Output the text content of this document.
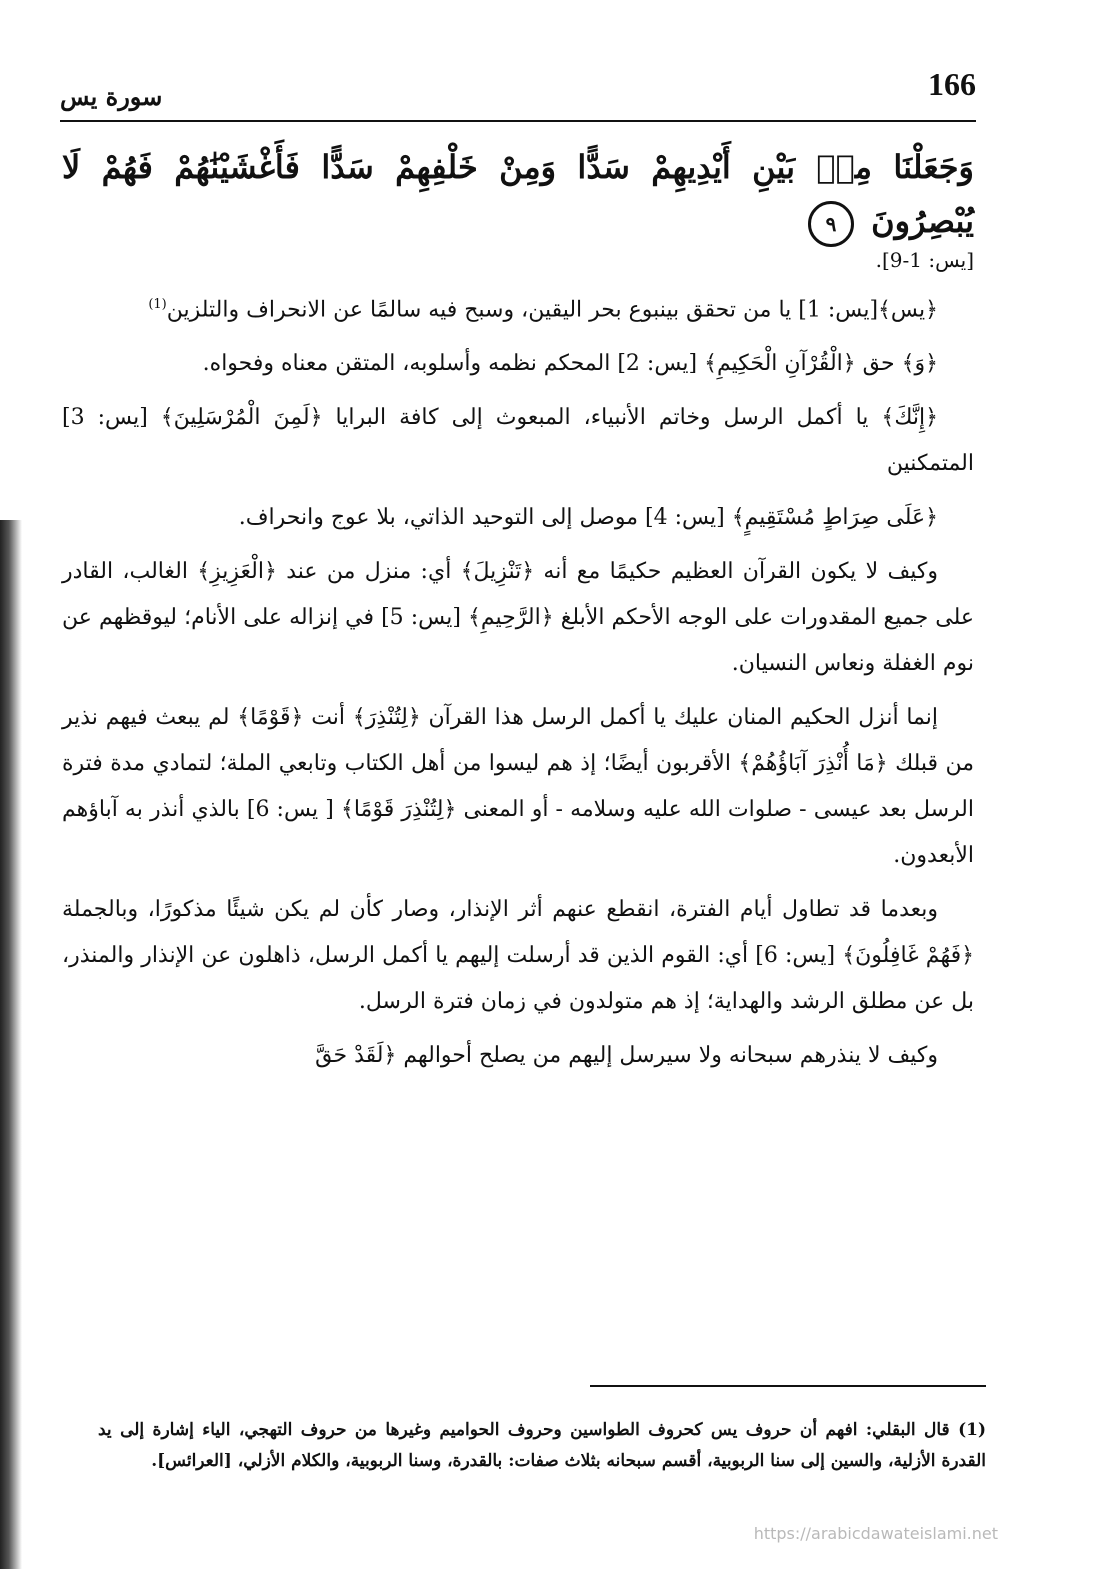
166
سورة يس

وَجَعَلْنَا مِنۢ بَيْنِ أَيْدِيهِمْ سَدًّا وَمِنْ خَلْفِهِمْ سَدًّا فَأَغْشَيْنَٰهُمْ فَهُمْ لَا يُبْصِرُونَ ٩

[يس: 1-9].

﴿يس﴾[يس: 1] يا من تحقق بينبوع بحر اليقين، وسبح فيه سالمًا عن الانحراف والتلزين$^{(1)}$

﴿وَ﴾ حق ﴿الْقُرْآنِ الْحَكِيمِ﴾ [يس: 2] المحكم نظمه وأسلوبه، المتقن معناه وفحواه.

﴿إِنَّكَ﴾ يا أكمل الرسل وخاتم الأنبياء، المبعوث إلى كافة البرايا ﴿لَمِنَ الْمُرْسَلِينَ﴾ [يس: 3] المتمكنين

﴿عَلَى صِرَاطٍ مُسْتَقِيمٍ﴾ [يس: 4] موصل إلى التوحيد الذاتي، بلا عوج وانحراف.

وكيف لا يكون القرآن العظيم حكيمًا مع أنه ﴿تَنْزِيلَ﴾ أي: منزل من عند ﴿الْعَزِيزِ﴾ الغالب، القادر على جميع المقدورات على الوجه الأحكم الأبلغ ﴿الرَّحِيمِ﴾ [يس: 5] في إنزاله على الأنام؛ ليوقظهم عن نوم الغفلة ونعاس النسيان.

إنما أنزل الحكيم المنان عليك يا أكمل الرسل هذا القرآن ﴿لِتُنْذِرَ﴾ أنت ﴿قَوْمًا﴾ لم يبعث فيهم نذير من قبلك ﴿مَا أُنْذِرَ آبَاؤُهُمْ﴾ الأقربون أيضًا؛ إذ هم ليسوا من أهل الكتاب وتابعي الملة؛ لتمادي مدة فترة الرسل بعد عيسى - صلوات الله عليه وسلامه - أو المعنى ﴿لِتُنْذِرَ قَوْمًا﴾ [ يس: 6] بالذي أنذر به آباؤهم الأبعدون.

وبعدما قد تطاول أيام الفترة، انقطع عنهم أثر الإنذار، وصار كأن لم يكن شيئًا مذكورًا، وبالجملة ﴿فَهُمْ غَافِلُونَ﴾ [يس: 6] أي: القوم الذين قد أرسلت إليهم يا أكمل الرسل، ذاهلون عن الإنذار والمنذر، بل عن مطلق الرشد والهداية؛ إذ هم متولدون في زمان فترة الرسل.

وكيف لا ينذرهم سبحانه ولا سيرسل إليهم من يصلح أحوالهم ﴿لَقَدْ حَقَّ

(1) قال البقلي: افهم أن حروف يس كحروف الطواسين وحروف الحواميم وغيرها من حروف التهجي، الياء إشارة إلى يد القدرة الأزلية، والسين إلى سنا الربوبية، أقسم سبحانه بثلاث صفات: بالقدرة، وسنا الربوبية، والكلام الأزلي، [العرائس].

https://arabicdawateislami.net
